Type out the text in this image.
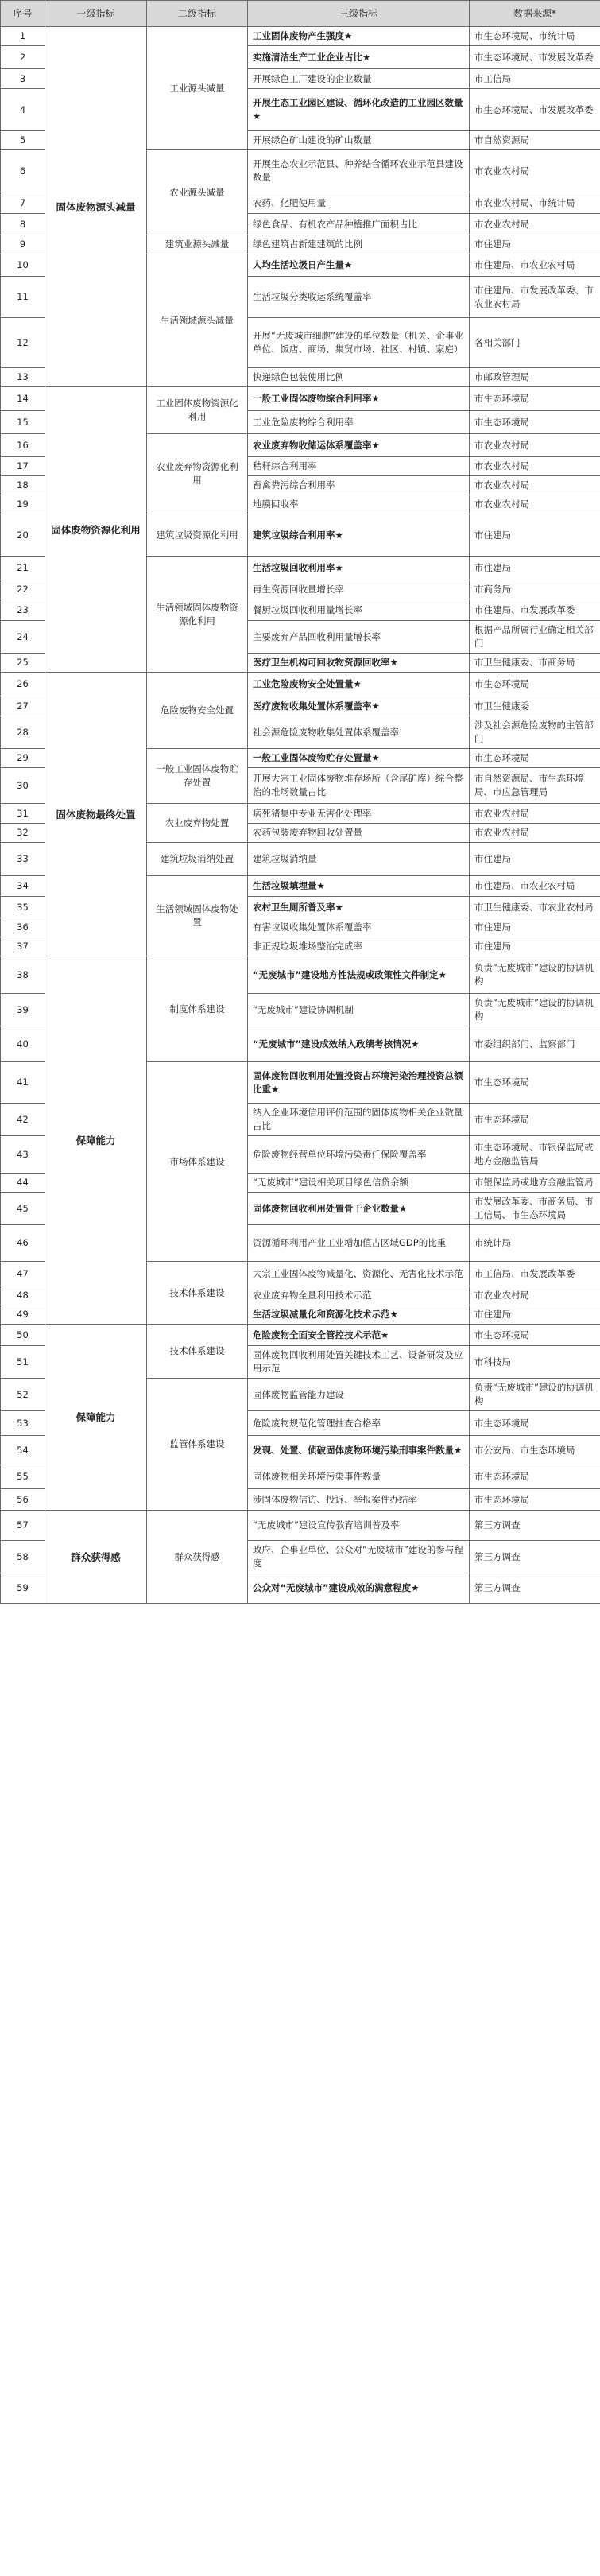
序号	一级指标	二级指标	三级指标	数据来源*
1	固体废物源头减量	工业源头减量	工业固体废物产生强度★	市生态环境局、市统计局
2			实施清洁生产工业企业占比★	市生态环境局、市发展改革委
3			开展绿色工厂建设的企业数量	市工信局
4			开展生态工业园区建设、循环化改造的工业园区数量★	市生态环境局、市发展改革委
5			开展绿色矿山建设的矿山数量	市自然资源局
6		农业源头减量	开展生态农业示范县、种养结合循环农业示范县建设数量	市农业农村局
7			农药、化肥使用量	市农业农村局、市统计局
8			绿色食品、有机农产品种植推广面积占比	市农业农村局
9		建筑业源头减量	绿色建筑占新建建筑的比例	市住建局
10		生活领域源头减量	人均生活垃圾日产生量★	市住建局、市农业农村局
11			生活垃圾分类收运系统覆盖率	市住建局、市发展改革委、市农业农村局
12			开展“无废城市细胞”建设的单位数量（机关、企事业单位、饭店、商场、集贸市场、社区、村镇、家庭）	各相关部门
13			快递绿色包装使用比例	市邮政管理局
14	固体废物资源化利用	工业固体废物资源化利用	一般工业固体废物综合利用率★	市生态环境局
15			工业危险废物综合利用率	市生态环境局
16		农业废弃物资源化利用	农业废弃物收储运体系覆盖率★	市农业农村局
17			秸秆综合利用率	市农业农村局
18			畜禽粪污综合利用率	市农业农村局
19			地膜回收率	市农业农村局
20		建筑垃圾资源化利用	建筑垃圾综合利用率★	市住建局
21		生活领域固体废物资源化利用	生活垃圾回收利用率★	市住建局
22			再生资源回收量增长率	市商务局
23			餐厨垃圾回收利用量增长率	市住建局、市发展改革委
24			主要废弃产品回收利用量增长率	根据产品所属行业确定相关部门
25			医疗卫生机构可回收物资源回收率★	市卫生健康委、市商务局
26	固体废物最终处置	危险废物安全处置	工业危险废物安全处置量★	市生态环境局
27			医疗废物收集处置体系覆盖率★	市卫生健康委
28			社会源危险废物收集处置体系覆盖率	涉及社会源危险废物的主管部门
29		一般工业固体废物贮存处置	一般工业固体废物贮存处置量★	市生态环境局
30			开展大宗工业固体废物堆存场所（含尾矿库）综合整治的堆场数量占比	市自然资源局、市生态环境局、市应急管理局
31		农业废弃物处置	病死猪集中专业无害化处理率	市农业农村局
32			农药包装废弃物回收处置量	市农业农村局
33		建筑垃圾消纳处置	建筑垃圾消纳量	市住建局
34		生活领域固体废物处置	生活垃圾填埋量★	市住建局、市农业农村局
35			农村卫生厕所普及率★	市卫生健康委、市农业农村局
36			有害垃圾收集处置体系覆盖率	市住建局
37			非正规垃圾堆场整治完成率	市住建局
38	保障能力	制度体系建设	“无废城市”建设地方性法规或政策性文件制定★	负责“无废城市”建设的协调机构
39			“无废城市”建设协调机制	负责“无废城市”建设的协调机构
40			“无废城市”建设成效纳入政绩考核情况★	市委组织部门、监察部门
41		市场体系建设	固体废物回收利用处置投资占环境污染治理投资总额比重★	市生态环境局
42			纳入企业环境信用评价范围的固体废物相关企业数量占比	市生态环境局
43			危险废物经营单位环境污染责任保险覆盖率	市生态环境局、市银保监局或地方金融监管局
44			“无废城市”建设相关项目绿色信贷余额	市银保监局或地方金融监管局
45			固体废物回收利用处置骨干企业数量★	市发展改革委、市商务局、市工信局、市生态环境局
46			资源循环利用产业工业增加值占区域GDP的比重	市统计局
47		技术体系建设	大宗工业固体废物减量化、资源化、无害化技术示范	市工信局、市发展改革委
48			农业废弃物全量利用技术示范	市农业农村局
49			生活垃圾减量化和资源化技术示范★	市住建局
50	保障能力	技术体系建设	危险废物全面安全管控技术示范★	市生态环境局
51			固体废物回收利用处置关键技术工艺、设备研发及应用示范	市科技局
52		监管体系建设	固体废物监管能力建设	负责“无废城市”建设的协调机构
53			危险废物规范化管理抽查合格率	市生态环境局
54			发现、处置、侦破固体废物环境污染刑事案件数量★	市公安局、市生态环境局
55			固体废物相关环境污染事件数量	市生态环境局
56			涉固体废物信访、投诉、举报案件办结率	市生态环境局
57	群众获得感	群众获得感	“无废城市”建设宣传教育培训普及率	第三方调查
58			政府、企事业单位、公众对“无废城市”建设的参与程度	第三方调查
59			公众对“无废城市”建设成效的满意程度★	第三方调查
